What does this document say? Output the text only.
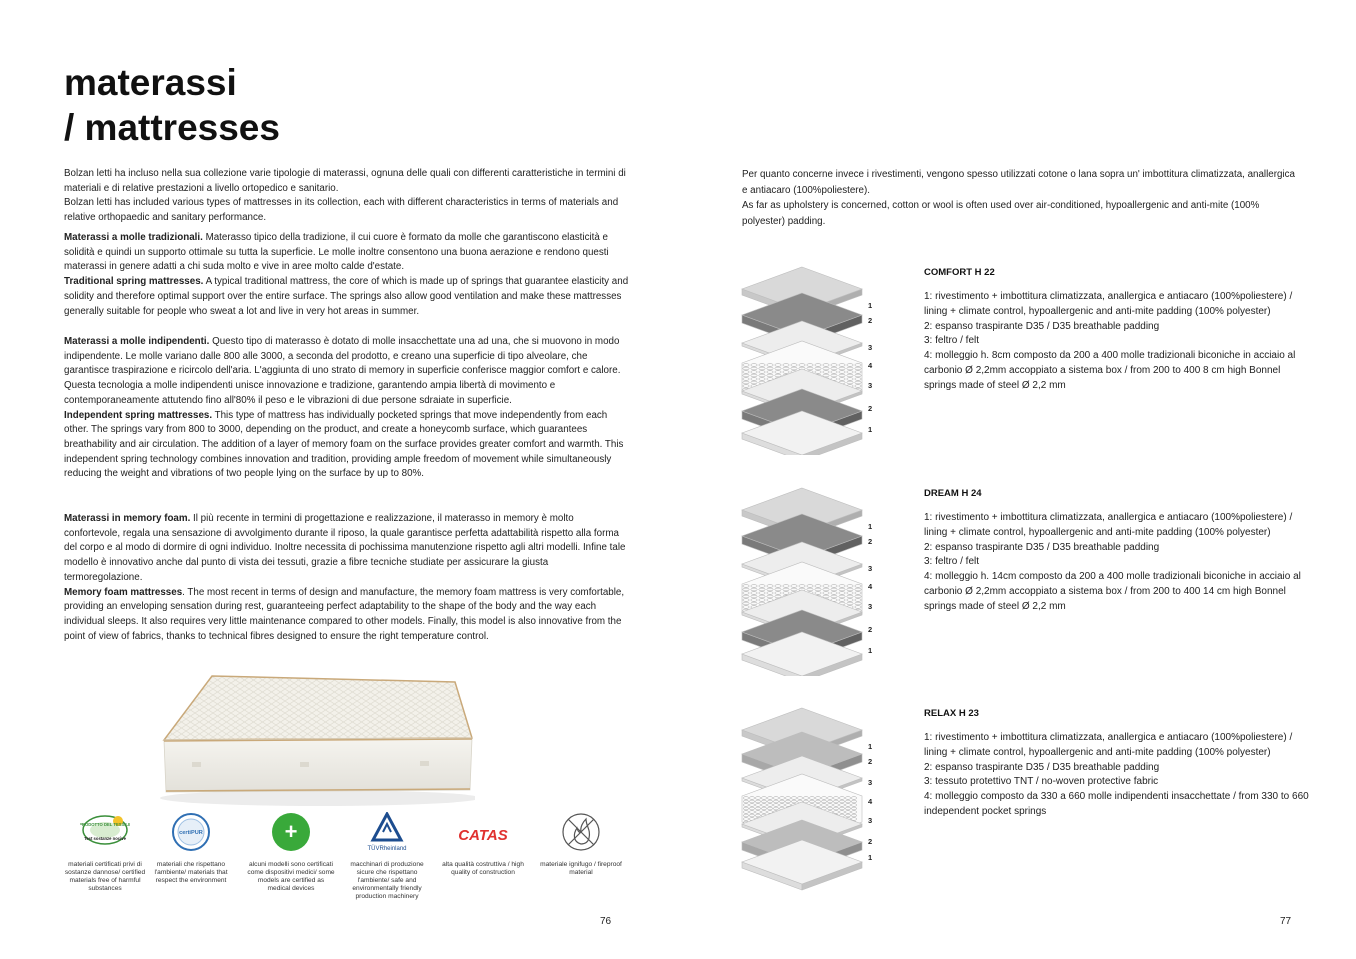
materassi
/ mattresses
Bolzan letti ha incluso nella sua collezione varie tipologie di materassi, ognuna delle quali con differenti caratteristiche in termini di materiali e di relative prestazioni a livello ortopedico e sanitario.
Bolzan letti has included various types of mattresses in its collection, each with different characteristics in terms of materials and relative orthopaedic and sanitary performance.
Materassi a molle tradizionali. Materasso tipico della tradizione, il cui cuore è formato da molle che garantiscono elasticità e solidità e quindi un supporto ottimale su tutta la superficie. Le molle inoltre consentono una buona aerazione e rendono questi materassi in genere adatti a chi suda molto e vive in aree molto calde d'estate.
Traditional spring mattresses. A typical traditional mattress, the core of which is made up of springs that guarantee elasticity and solidity and therefore optimal support over the entire surface. The springs also allow good ventilation and make these mattresses generally suitable for people who sweat a lot and live in very hot areas in summer.
Materassi a molle indipendenti. Questo tipo di materasso è dotato di molle insacchettate una ad una, che si muovono in modo indipendente. Le molle variano dalle 800 alle 3000, a seconda del prodotto, e creano una superficie di tipo alveolare, che garantisce traspirazione e ricircolo dell'aria. L'aggiunta di uno strato di memory in superficie conferisce maggior comfort e calore. Questa tecnologia a molle indipendenti unisce innovazione e tradizione, garantendo ampia libertà di movimento e contemporaneamente attutendo fino all'80% il peso e le vibrazioni di due persone sdraiate in superficie.
Independent spring mattresses. This type of mattress has individually pocketed springs that move independently from each other. The springs vary from 800 to 3000, depending on the product, and create a honeycomb surface, which guarantees breathability and air circulation. The addition of a layer of memory foam on the surface provides greater comfort and warmth. This independent spring technology combines innovation and tradition, providing ample freedom of movement while simultaneously reducing the weight and vibrations of two people lying on the surface by up to 80%.
Materassi in memory foam. Il più recente in termini di progettazione e realizzazione, il materasso in memory è molto confortevole, regala una sensazione di avvolgimento durante il riposo, la quale garantisce perfetta adattabilità rispetto alla forma del corpo e al modo di dormire di ogni individuo. Inoltre necessita di pochissima manutenzione rispetto agli altri modelli. Infine tale modello è innovativo anche dal punto di vista dei tessuti, grazie a fibre tecniche studiate per assicurare la giusta termoregolazione.
Memory foam mattresses. The most recent in terms of design and manufacture, the memory foam mattress is very comfortable, providing an enveloping sensation during rest, guaranteeing perfect adaptability to the shape of the body and the way each individual sleeps. It also requires very little maintenance compared to other models. Finally, this model is also innovative from the point of view of fabrics, thanks to technical fibres designed to ensure the right temperature control.
PRODOTTO DEL TESSILE
Test sostanze nocive
materiali certificati privi di sostanze dannose/ certified materials free of harmful substances
certiPUR
materiali che rispettano l'ambiente/ materials that respect the environment
+
alcuni modelli sono certificati come dispositivi medici/ some models are certified as medical devices
TÜVRheinland
macchinari di produzione sicure che rispettano l'ambiente/ safe and environmentally friendly production machinery
CATAS
alta qualità costruttiva / high quality of construction
materiale ignifugo / fireproof material
76
Per quanto concerne invece i rivestimenti, vengono spesso utilizzati cotone o lana sopra un' imbottitura climatizzata, anallergica e antiacaro (100%poliestere).
As far as upholstery is concerned, cotton or wool is often used over air-conditioned, hypoallergenic and anti-mite (100% polyester) padding.
COMFORT H 22
1: rivestimento + imbottitura climatizzata, anallergica e antiacaro (100%poliestere) / lining + climate control, hypoallergenic and anti-mite padding (100% polyester)
2: espanso traspirante D35 / D35 breathable padding
3: feltro / felt
4: molleggio h. 8cm composto da 200 a 400 molle tradizionali biconiche in acciaio al carbonio Ø 2,2mm accoppiato a sistema box / from 200 to 400 8 cm high Bonnel springs made of steel Ø 2,2 mm
DREAM H 24
1: rivestimento + imbottitura climatizzata, anallergica e antiacaro (100%poliestere) / lining + climate control, hypoallergenic and anti-mite padding (100% polyester)
2: espanso traspirante D35 / D35 breathable padding
3: feltro / felt
4: molleggio h. 14cm composto da 200 a 400 molle tradizionali biconiche in acciaio al carbonio Ø 2,2mm accoppiato a sistema box / from 200 to 400 14 cm high Bonnel springs made of steel Ø 2,2 mm
RELAX H 23
1: rivestimento + imbottitura climatizzata, anallergica e antiacaro (100%poliestere) / lining + climate control, hypoallergenic and anti-mite padding (100% polyester)
2: espanso traspirante D35 / D35 breathable padding
3: tessuto protettivo TNT / no-woven protective fabric
4: molleggio composto da 330 a 660 molle indipendenti insacchettate / from 330 to 660 independent pocket springs
1
2
3
4
3
2
1
1
2
3
4
3
2
1
1
2
3
4
3
2
1
77
